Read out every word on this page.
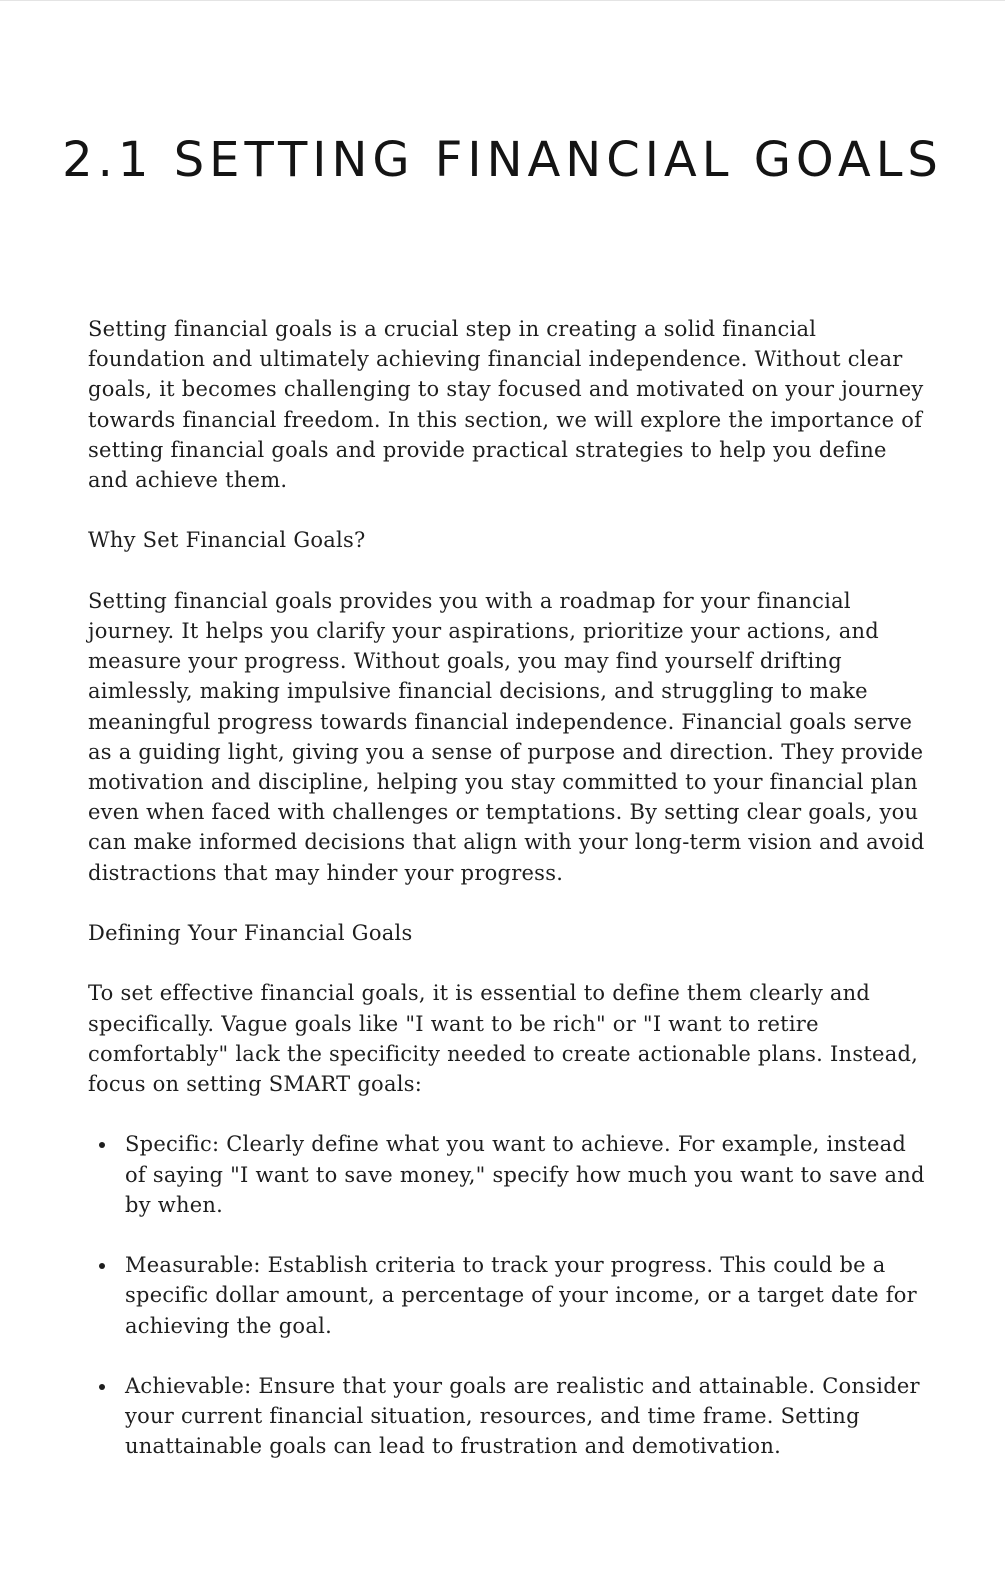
2.1 SETTING FINANCIAL GOALS

Setting financial goals is a crucial step in creating a solid financial foundation and ultimately achieving financial independence. Without clear goals, it becomes challenging to stay focused and motivated on your journey towards financial freedom. In this section, we will explore the importance of setting financial goals and provide practical strategies to help you define and achieve them.

Why Set Financial Goals?

Setting financial goals provides you with a roadmap for your financial journey. It helps you clarify your aspirations, prioritize your actions, and measure your progress. Without goals, you may find yourself drifting aimlessly, making impulsive financial decisions, and struggling to make meaningful progress towards financial independence. Financial goals serve as a guiding light, giving you a sense of purpose and direction. They provide motivation and discipline, helping you stay committed to your financial plan even when faced with challenges or temptations. By setting clear goals, you can make informed decisions that align with your long-term vision and avoid distractions that may hinder your progress.

Defining Your Financial Goals

To set effective financial goals, it is essential to define them clearly and specifically. Vague goals like "I want to be rich" or "I want to retire comfortably" lack the specificity needed to create actionable plans. Instead, focus on setting SMART goals:

Specific: Clearly define what you want to achieve. For example, instead of saying "I want to save money," specify how much you want to save and by when.
Measurable: Establish criteria to track your progress. This could be a specific dollar amount, a percentage of your income, or a target date for achieving the goal.
Achievable: Ensure that your goals are realistic and attainable. Consider your current financial situation, resources, and time frame. Setting unattainable goals can lead to frustration and demotivation.
